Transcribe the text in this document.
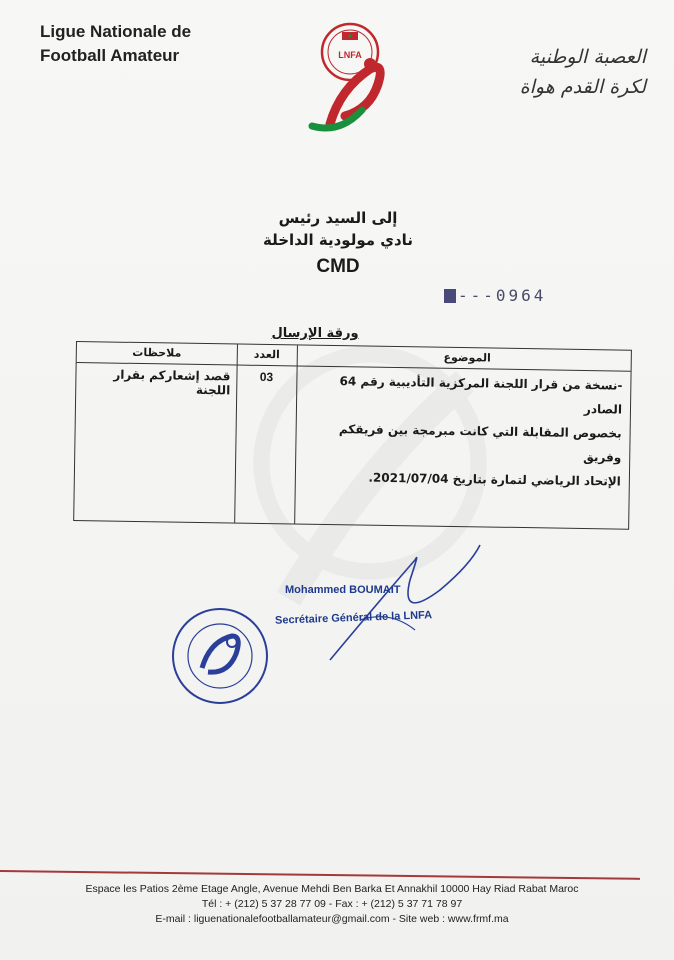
Ligue Nationale de
Football Amateur	LNFA	العصبة الوطنية
لكرة القدم هواة
إلى السيد رئيس
نادي مولودية الداخلة
CMD
---0964
ورقة الإرسال
ملاحظات
قصد إشعاركم بقرار اللجنة
العدد
03
الموضوع
-نسخة من قرار اللجنة المركزية التأديبية رقم 64 الصادر
بخصوص المقابلة التي كانت مبرمجة بين فريقكم وفريق
الإتحاد الرياضي لتمارة بتاريخ 2021/07/04.
Mohammed BOUMAIT
Secrétaire Général de la LNFA
Espace les Patios 2ème Etage Angle, Avenue Mehdi Ben Barka Et Annakhil 10000 Hay Riad Rabat Maroc
Tél : + (212) 5 37 28 77 09 - Fax : + (212) 5 37 71 78 97
E-mail : liguenationalefootballamateur@gmail.com - Site web : www.frmf.ma
